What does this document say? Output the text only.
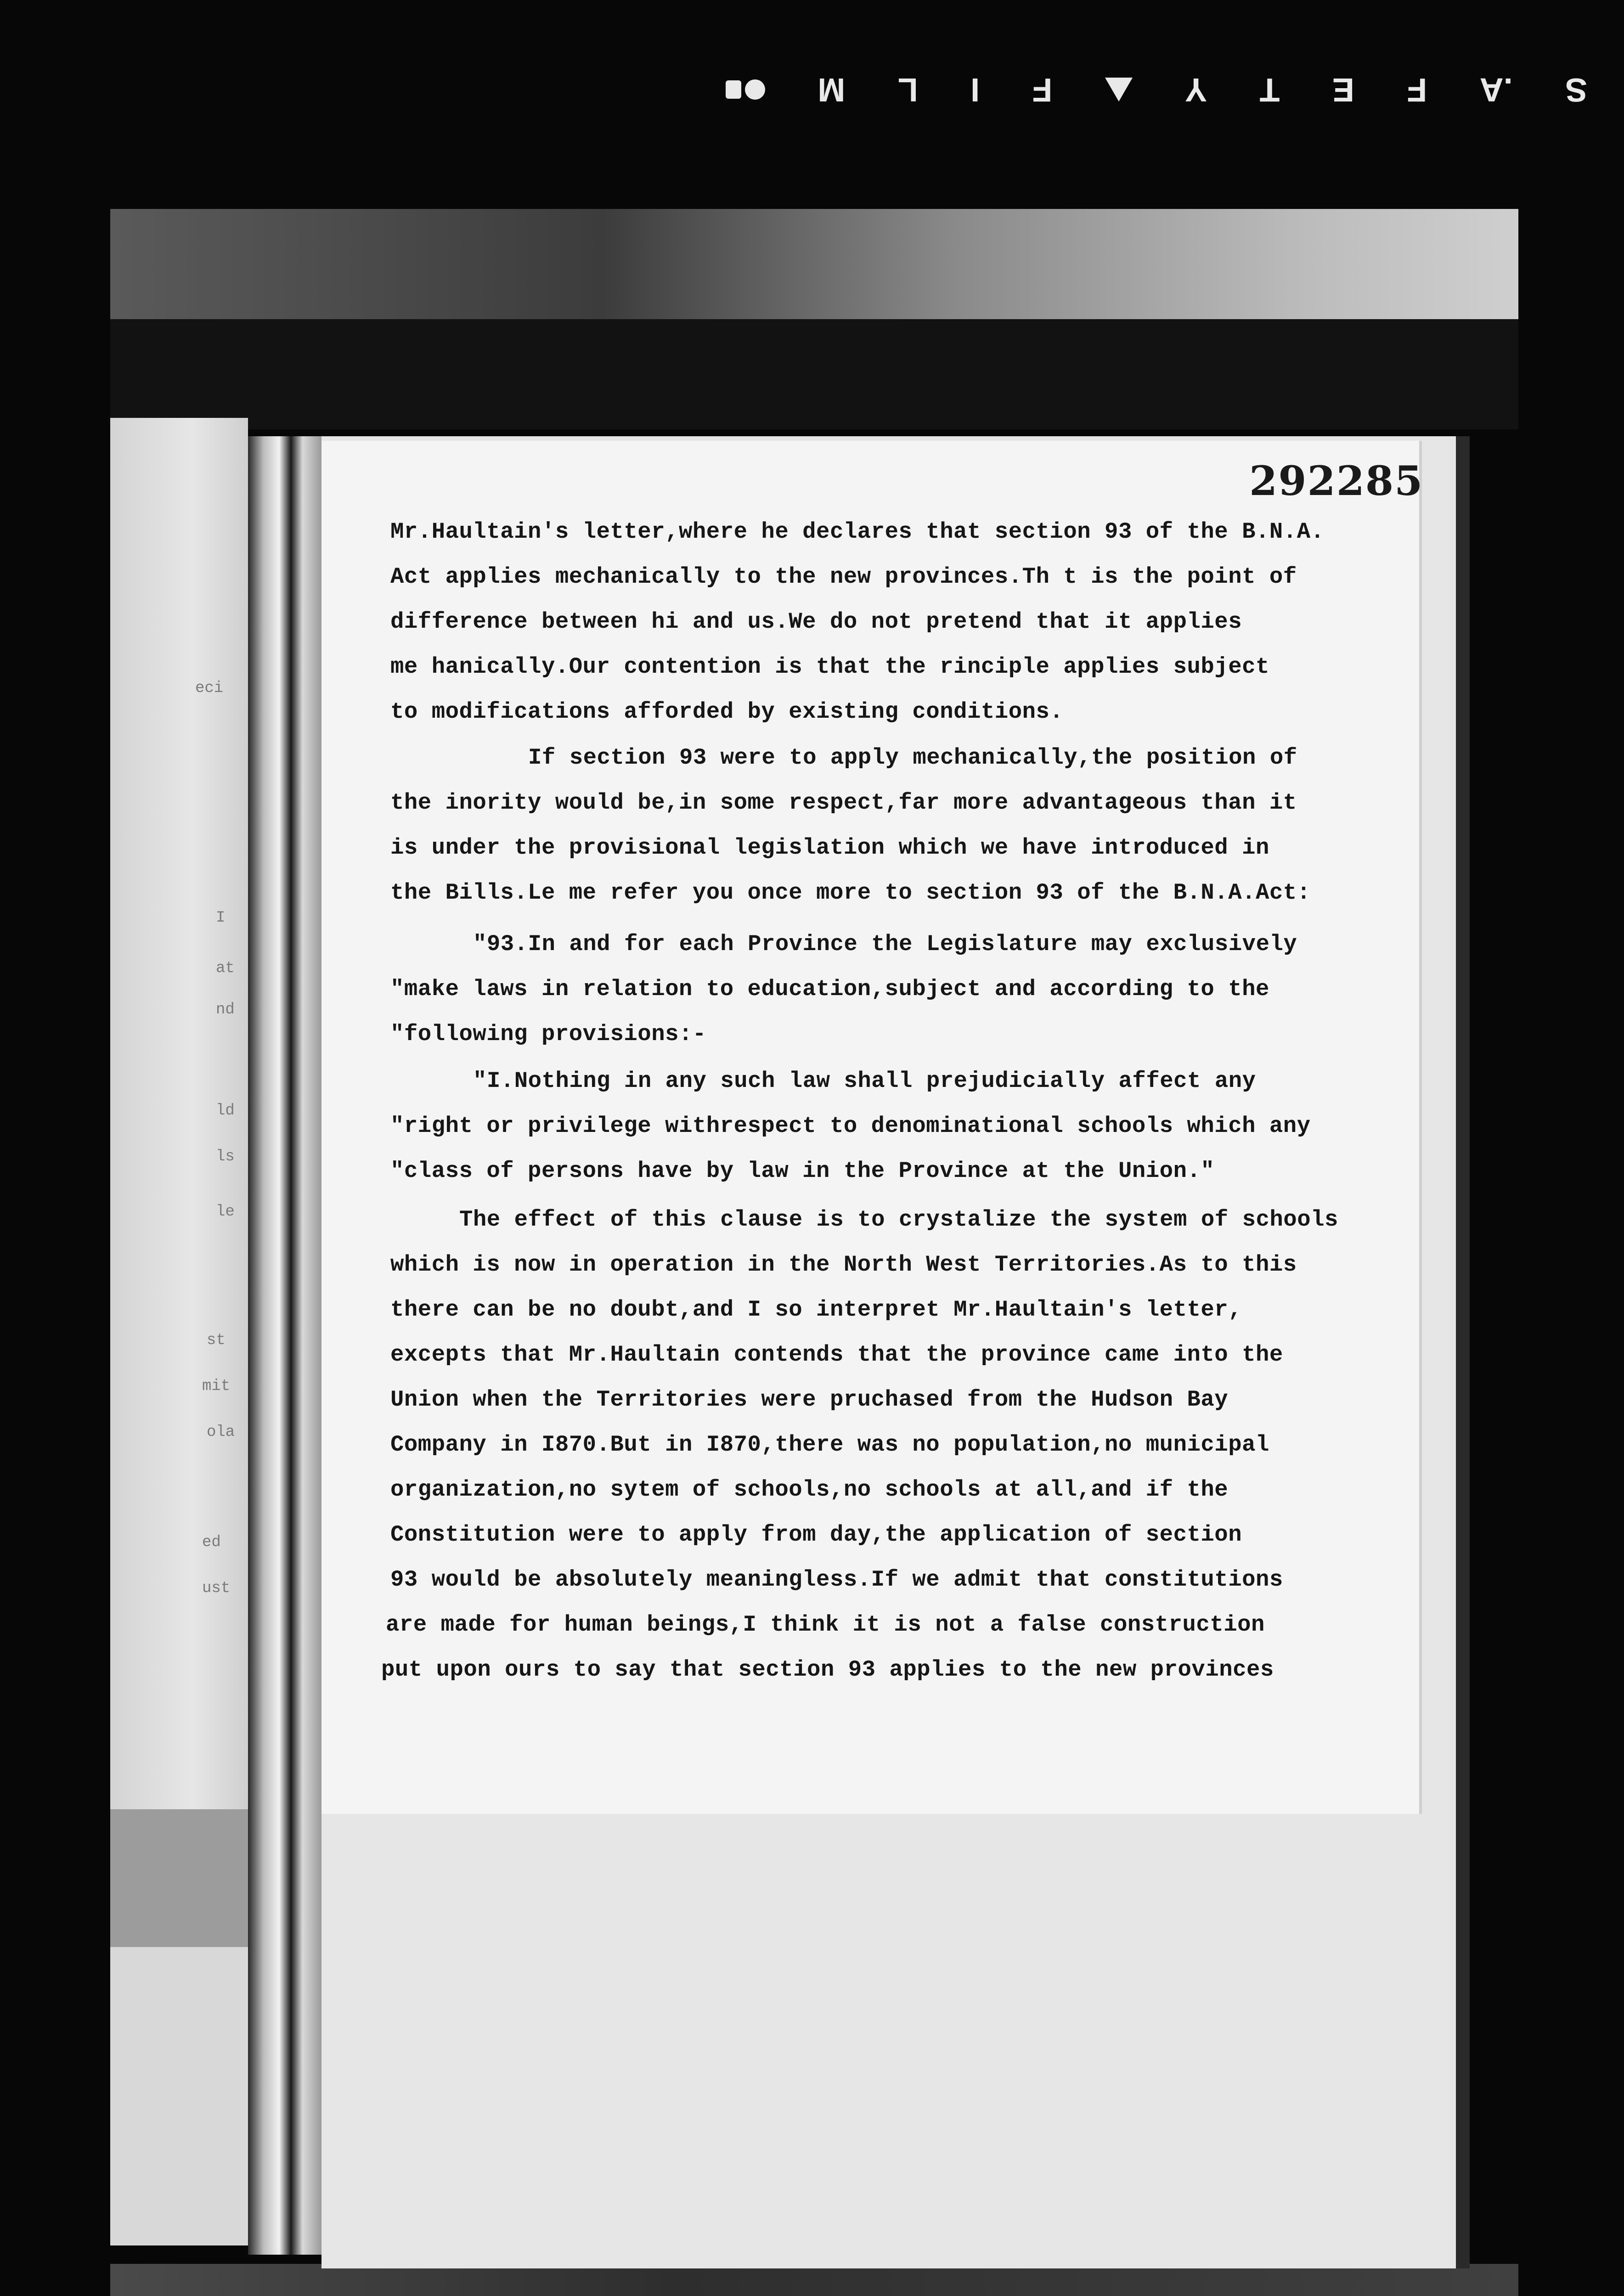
S
.A
F
E
T
Y
F
I
L
M
292285
Mr.Haultain's letter,where he declares that section 93 of the B.N.A.
Act applies mechanically to the new provinces.Th t is the point of
difference between hi and us.We do not pretend that it applies
me hanically.Our contention is that the rinciple applies subject
to modifications afforded by existing conditions.
If section 93 were to apply mechanically,the position of
the inority would be,in some respect,far more advantageous than it
is under the provisional legislation which we have introduced in
the Bills.Le me refer you once more to section 93 of the B.N.A.Act:
"93.In and for each Province the Legislature may exclusively
"make laws in relation to education,subject and according to the
"following provisions:-
"I.Nothing in any such law shall prejudicially affect any
"right or privilege withrespect to denominational schools which any
"class of persons have by law in the Province at the Union."
The effect of this clause is to crystalize the system of schools
which is now in operation in the North West Territories.As to this
there can be no doubt,and I so interpret Mr.Haultain's letter,
excepts that Mr.Haultain contends that the province came into the
Union when the Territories were pruchased from the Hudson Bay
Company in I870.But in I870,there was no population,no municipal
organization,no sytem of schools,no schools at all,and if the
Constitution were to apply from day,the application of section
93 would be absolutely meaningless.If we admit that constitutions
are made for human beings,I think it is not a false construction
put upon ours to say that section 93 applies to the new provinces
eci
I
at
nd
ld
ls
le
st
mit
ola
ed
ust
